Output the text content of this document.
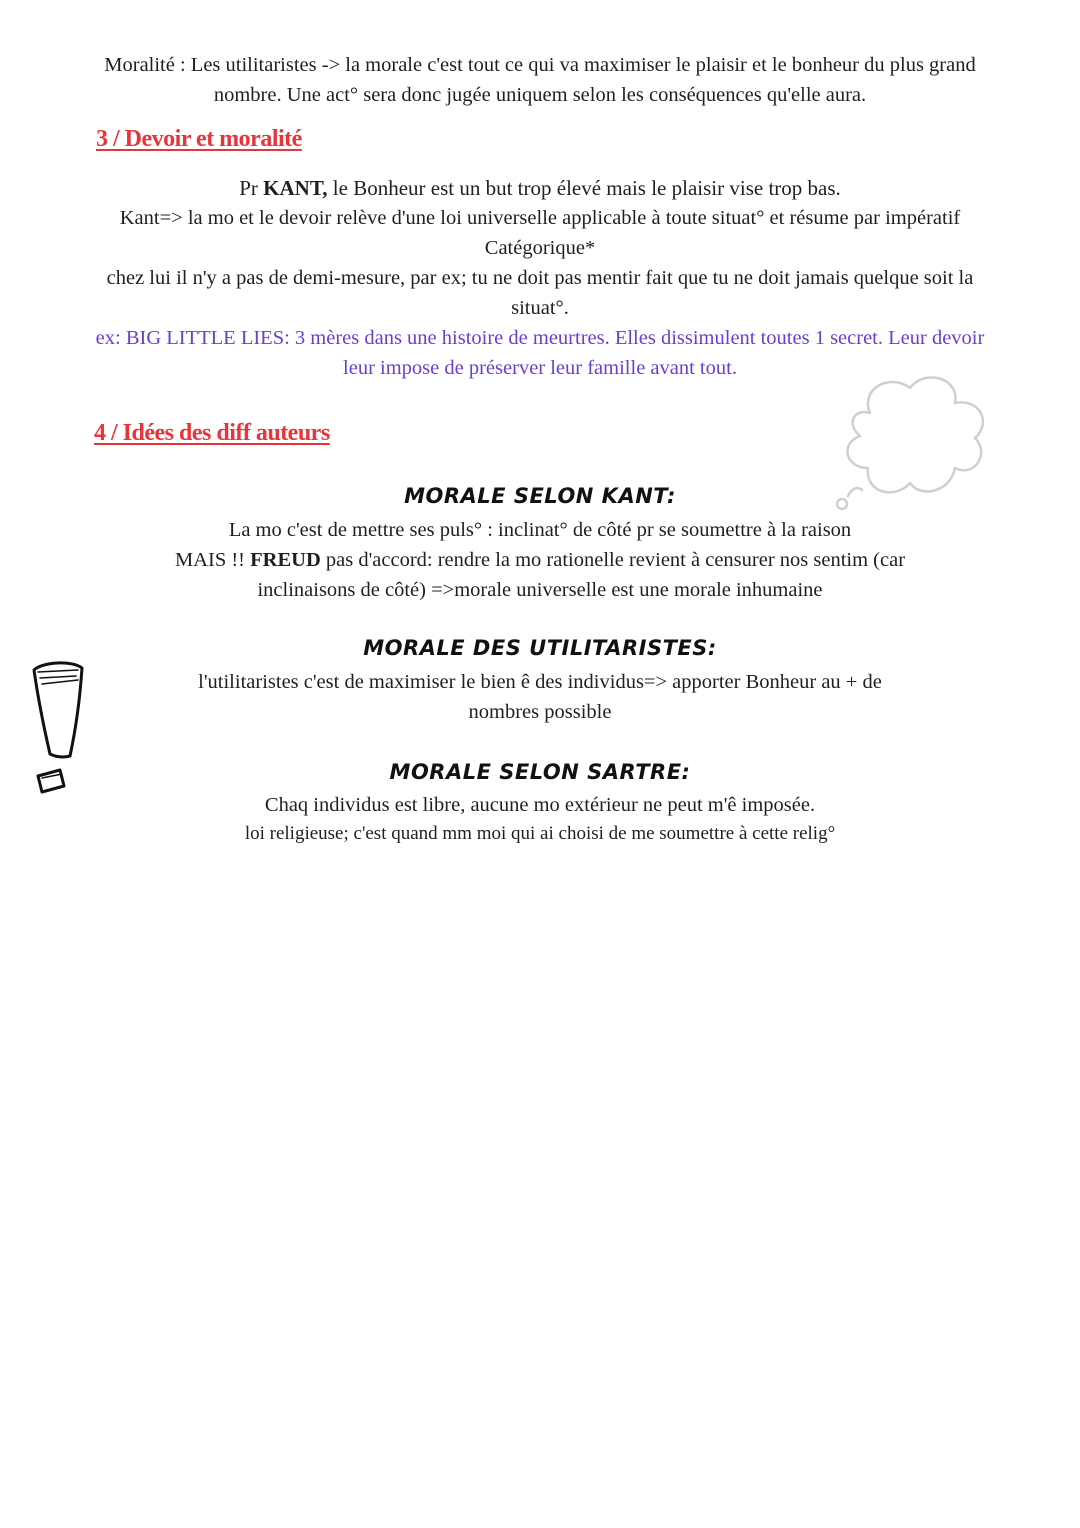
Moralité : Les utilitaristes -> la morale c'est tout ce qui va maximiser le plaisir et le bonheur du plus grand
nombre. Une act° sera donc jugée uniquem selon les conséquences qu'elle aura.
3 / Devoir et moralité
Pr KANT, le Bonheur est un but trop élevé mais le plaisir vise trop bas.
Kant=> la mo et le devoir relève d'une loi universelle applicable à toute situat° et résume par impératif
Catégorique*
chez lui il n'y a pas de demi-mesure, par ex; tu ne doit pas mentir fait que tu ne doit jamais quelque soit la
situat°.
ex: BIG LITTLE LIES: 3 mères dans une histoire de meurtres. Elles dissimulent toutes 1 secret. Leur devoir
leur impose de préserver leur famille avant tout.
4 / Idées des diff auteurs
MORALE SELON KANT:
La mo c'est de mettre ses puls° : inclinat° de côté pr se soumettre à la raison
MAIS !! FREUD pas d'accord: rendre la mo rationelle revient à censurer nos sentim (car
inclinaisons de côté) =>morale universelle est une morale inhumaine
MORALE DES UTILITARISTES:
l'utilitaristes c'est de maximiser le bien ê des individus=> apporter Bonheur au + de
nombres possible
MORALE SELON SARTRE:
Chaq individus est libre, aucune mo extérieur ne peut m'ê imposée.
loi religieuse; c'est quand mm moi qui ai choisi de me soumettre à cette relig°
